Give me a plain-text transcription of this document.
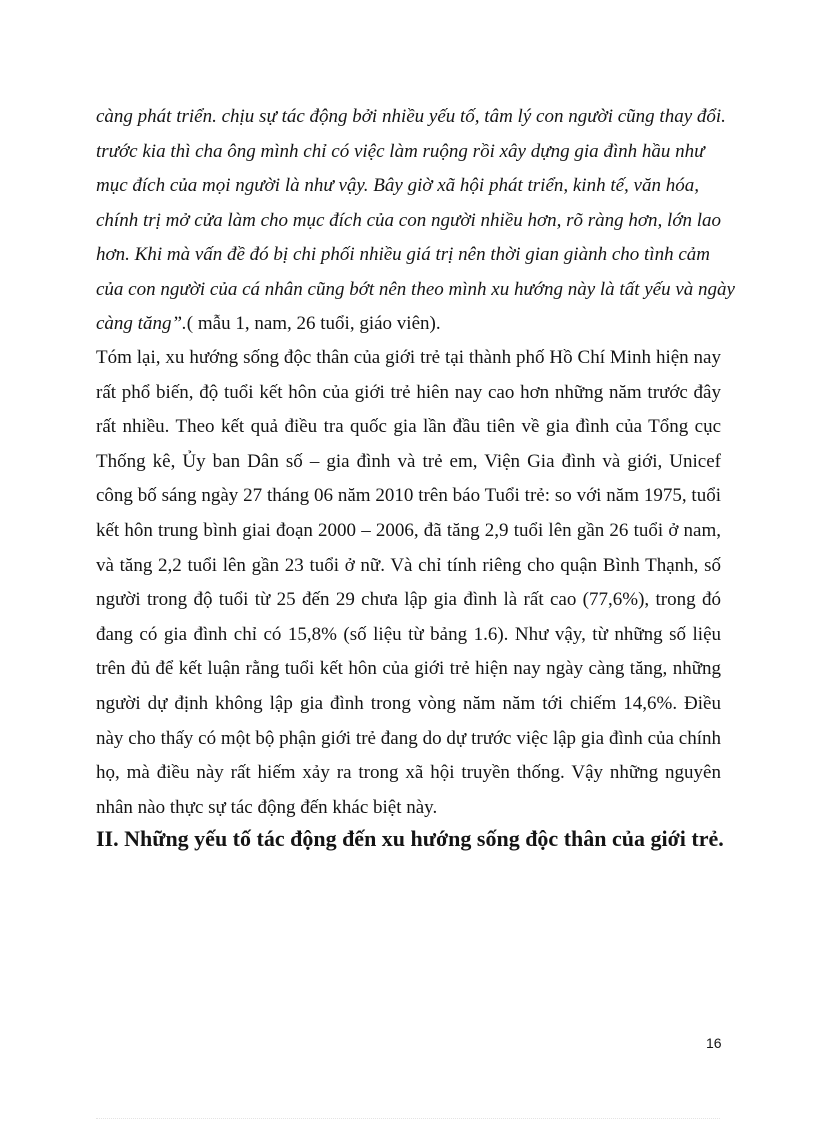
càng phát triển. chịu sự tác động bởi nhiều yếu tố, tâm lý con người cũng thay đổi. trước kia thì cha ông mình chỉ có việc làm ruộng rồi xây dựng gia đình hầu như mục đích của mọi người là như vậy. Bây giờ xã hội phát triển, kinh tế, văn hóa, chính trị mở cửa làm cho mục đích của con người nhiều hơn, rõ ràng hơn, lớn lao hơn. Khi mà vấn đề đó bị chi phối nhiều giá trị nên thời gian giành cho tình cảm của con người của cá nhân cũng bớt nên theo mình xu hướng này là tất yếu và ngày càng tăng”.( mẫu 1, nam, 26 tuổi, giáo viên).

Tóm lại, xu hướng sống độc thân của giới trẻ tại thành phố Hồ Chí Minh hiện nay rất phổ biến, độ tuổi kết hôn của giới trẻ hiên nay cao hơn những năm trước đây rất nhiều. Theo kết quả điều tra quốc gia lần đầu tiên về gia đình của Tổng cục Thống kê, Ủy ban Dân số – gia đình và trẻ em, Viện Gia đình và giới, Unicef công bố sáng ngày 27 tháng 06 năm 2010 trên báo Tuổi trẻ: so với năm 1975, tuổi kết hôn trung bình giai đoạn 2000 – 2006, đã tăng 2,9 tuổi lên gần 26 tuổi ở nam, và tăng 2,2 tuổi lên gần 23 tuổi ở nữ. Và chỉ tính riêng cho quận Bình Thạnh, số người trong độ tuổi từ 25 đến 29 chưa lập gia đình là rất cao (77,6%), trong đó đang có gia đình chỉ có 15,8% (số liệu từ bảng 1.6). Như vậy, từ những số liệu trên đủ để kết luận rằng tuổi kết hôn của giới trẻ hiện nay ngày càng tăng, những người dự định không lập gia đình trong vòng năm năm tới chiếm 14,6%. Điều này cho thấy có một bộ phận giới trẻ đang do dự trước việc lập gia đình của chính họ, mà điều này rất hiếm xảy ra trong xã hội truyền thống. Vậy những nguyên nhân nào thực sự tác động đến khác biệt này.

II. Những yếu tố tác động đến xu hướng sống độc thân của giới trẻ.
16
